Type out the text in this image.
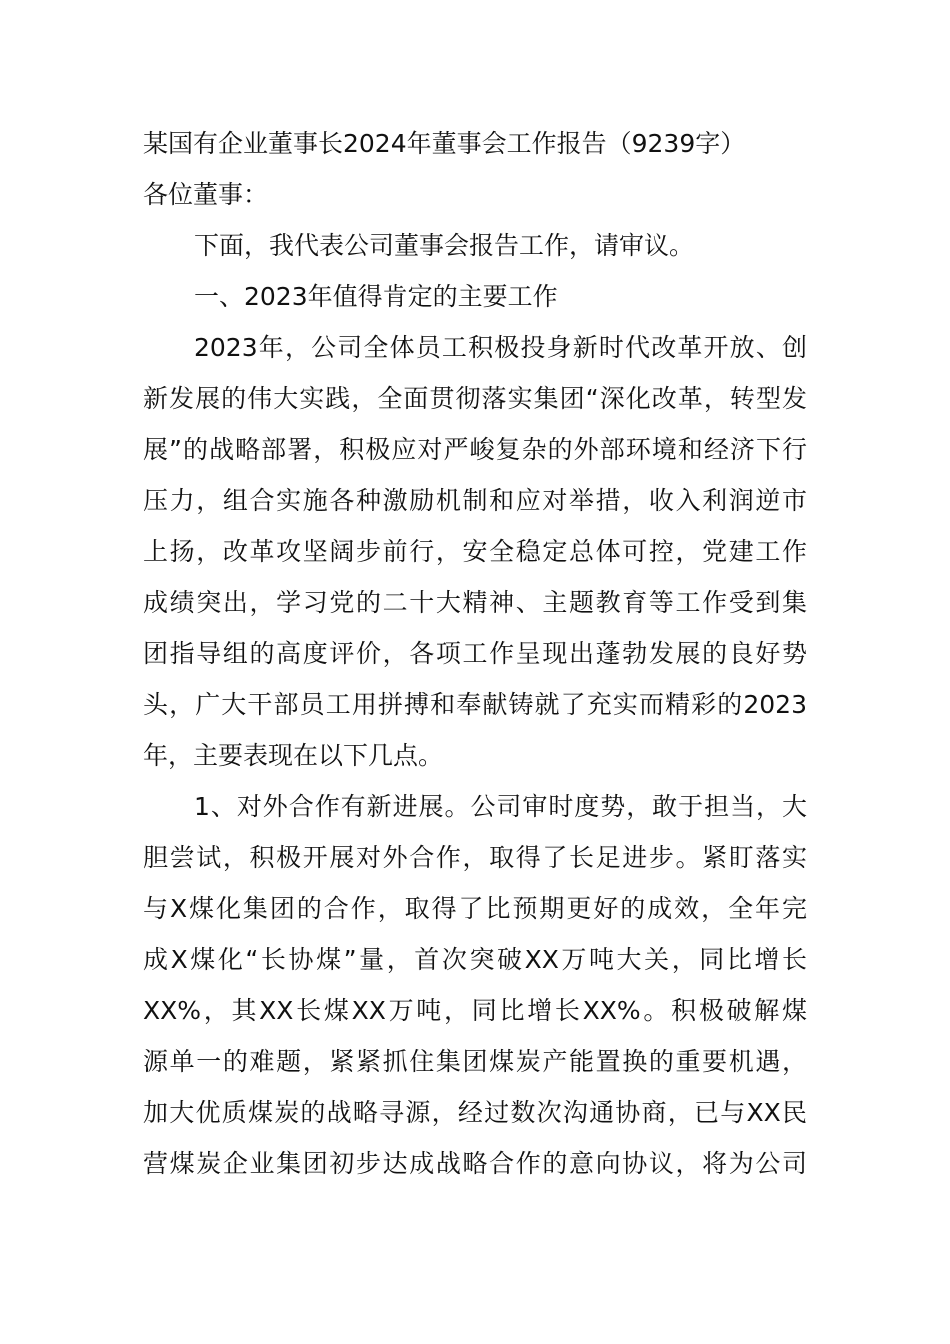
某国有企业董事长2024年董事会工作报告（9239字）
各位董事：
下面，我代表公司董事会报告工作，请审议。
一、2023年值得肯定的主要工作
2023年，公司全体员工积极投身新时代改革开放、创
新发展的伟大实践，全面贯彻落实集团“深化改革，转型发
展”的战略部署，积极应对严峻复杂的外部环境和经济下行
压力，组合实施各种激励机制和应对举措，收入利润逆市
上扬，改革攻坚阔步前行，安全稳定总体可控，党建工作
成绩突出，学习党的二十大精神、主题教育等工作受到集
团指导组的高度评价，各项工作呈现出蓬勃发展的良好势
头，广大干部员工用拼搏和奉献铸就了充实而精彩的2023
年，主要表现在以下几点。
1、对外合作有新进展。公司审时度势，敢于担当，大
胆尝试，积极开展对外合作，取得了长足进步。紧盯落实
与X煤化集团的合作，取得了比预期更好的成效，全年完
成X煤化“长协煤”量，首次突破XX万吨大关，同比增长
XX%，其XX长煤XX万吨，同比增长XX%。积极破解煤
源单一的难题，紧紧抓住集团煤炭产能置换的重要机遇，
加大优质煤炭的战略寻源，经过数次沟通协商，已与XX民
营煤炭企业集团初步达成战略合作的意向协议，将为公司
